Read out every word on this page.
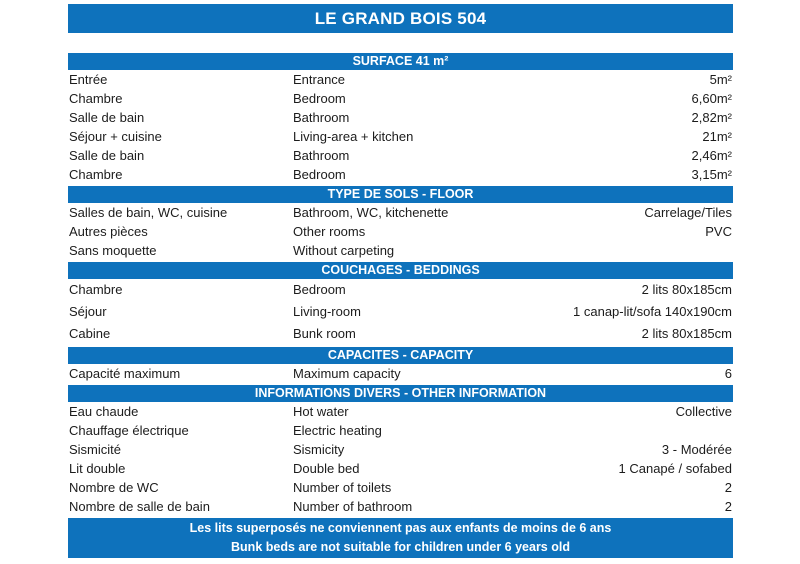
LE GRAND BOIS 504
SURFACE 41 m²
Entrée	Entrance	5m²
Chambre	Bedroom	6,60m²
Salle de bain	Bathroom	2,82m²
Séjour + cuisine	Living-area + kitchen	21m²
Salle de bain	Bathroom	2,46m²
Chambre	Bedroom	3,15m²
TYPE DE SOLS - FLOOR
Salles de bain, WC, cuisine	Bathroom, WC, kitchenette	Carrelage/Tiles
Autres pièces	Other rooms	PVC
Sans moquette	Without carpeting
COUCHAGES - BEDDINGS
Chambre	Bedroom	2 lits 80x185cm
Séjour	Living-room	1 canap-lit/sofa 140x190cm
Cabine	Bunk room	2 lits 80x185cm
CAPACITES - CAPACITY
Capacité maximum	Maximum capacity	6
INFORMATIONS DIVERS - OTHER INFORMATION
Eau chaude	Hot water	Collective
Chauffage électrique	Electric heating
Sismicité	Sismicity	3 - Modérée
Lit double	Double bed	1 Canapé / sofabed
Nombre de WC	Number of toilets	2
Nombre de salle de bain	Number of bathroom	2
Les lits superposés ne conviennent pas aux enfants de moins de 6 ans
Bunk beds are not suitable for children under 6 years old
